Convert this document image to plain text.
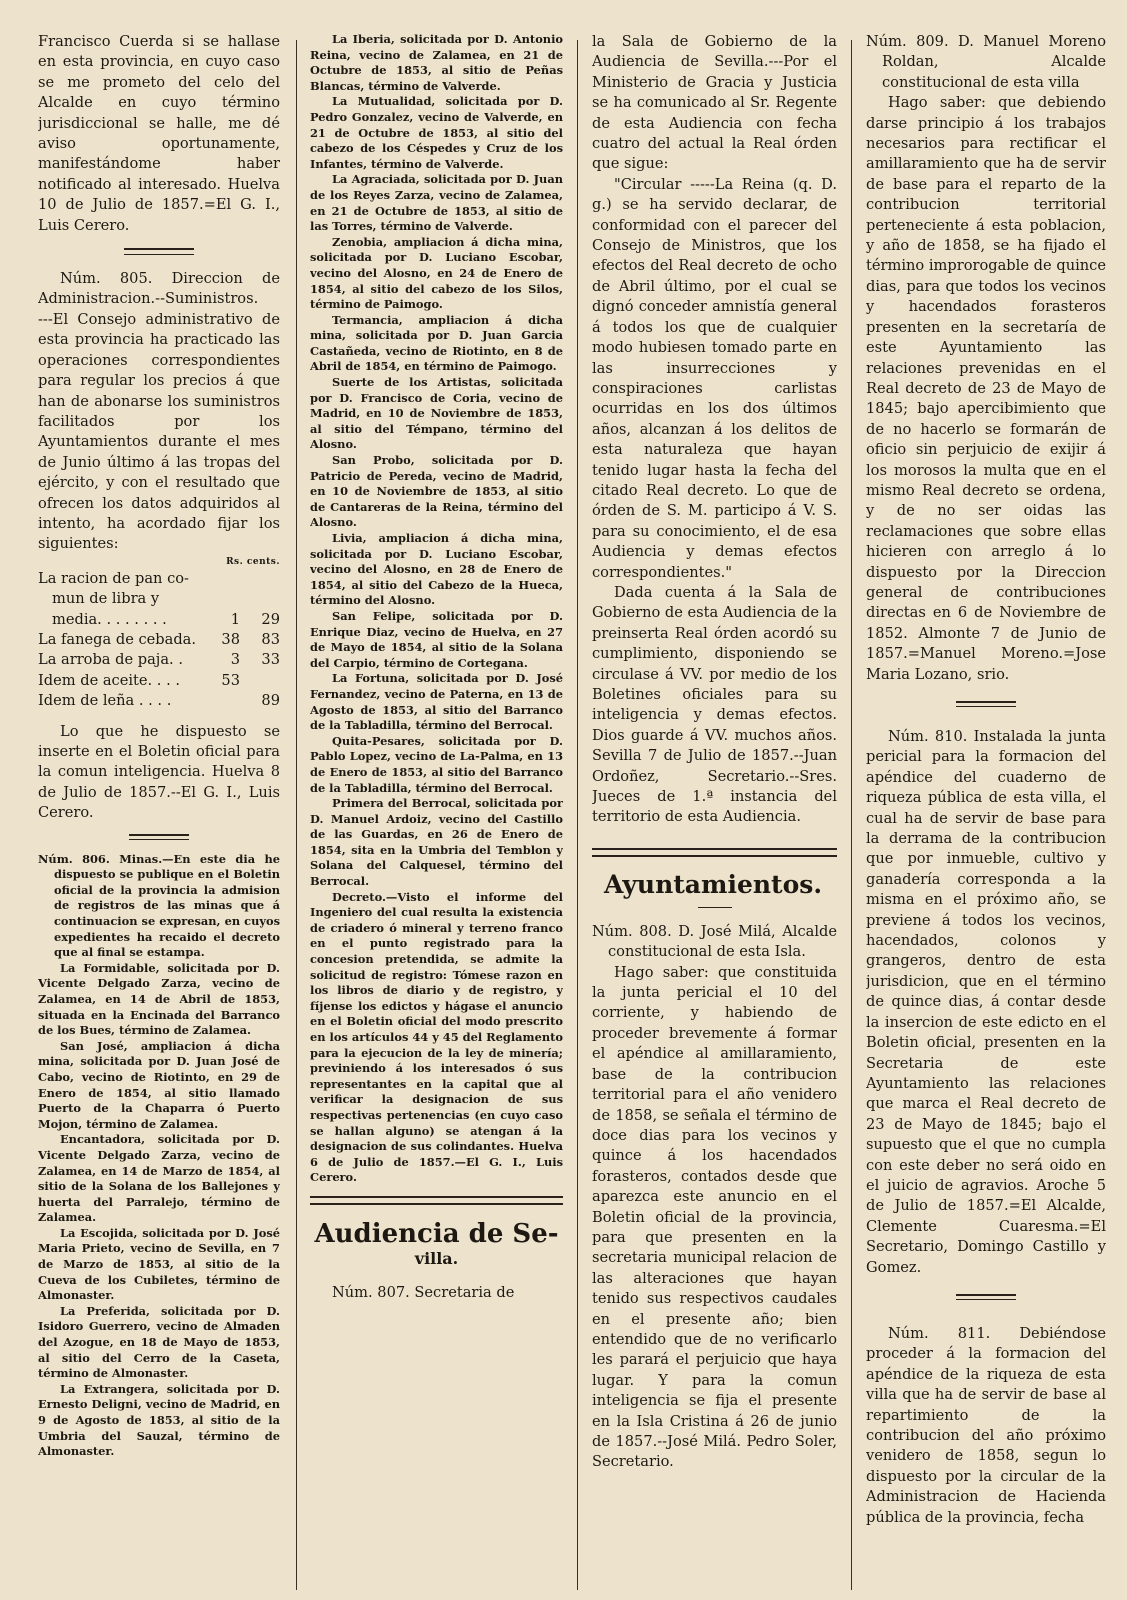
Francisco Cuerda si se hallase en esta provincia, en cuyo caso se me prometo del celo del Alcalde en cuyo término jurisdiccional se halle, me dé aviso oportunamente, manifestándome haber notificado al interesado. Huelva 10 de Julio de 1857.=El G. I., Luis Cerero.

Núm. 805. Direccion de Administracion.--Suministros.

---El Consejo administrativo de esta provincia ha practicado las operaciones correspondientes para regular los precios á que han de abonarse los suministros facilitados por los Ayuntamientos durante el mes de Junio último á las tropas del ejército, y con el resultado que ofrecen los datos adquiridos al intento, ha acordado fijar los siguientes:

Rs. cents.
La racion de pan co-		
mun de libra y		
media. . . . . . . .	1	29
La fanega de cebada.	38	83
La arroba de paja. .	3	33
Idem de aceite. . . .	53	
Idem de leña . . . .		89

Lo que he dispuesto se inserte en el Boletin oficial para la comun inteligencia. Huelva 8 de Julio de 1857.--El G. I., Luis Cerero.

Núm. 806. Minas.—En este dia he dispuesto se publique en el Boletin oficial de la provincia la admision de registros de las minas que á continuacion se expresan, en cuyos expedientes ha recaido el decreto que al final se estampa.

La Formidable, solicitada por D. Vicente Delgado Zarza, vecino de Zalamea, en 14 de Abril de 1853, situada en la Encinada del Barranco de los Bues, término de Zalamea.

San José, ampliacion á dicha mina, solicitada por D. Juan José de Cabo, vecino de Riotinto, en 29 de Enero de 1854, al sitio llamado Puerto de la Chaparra ó Puerto Mojon, término de Zalamea.

Encantadora, solicitada por D. Vicente Delgado Zarza, vecino de Zalamea, en 14 de Marzo de 1854, al sitio de la Solana de los Ballejones y huerta del Parralejo, término de Zalamea.

La Escojida, solicitada por D. José Maria Prieto, vecino de Sevilla, en 7 de Marzo de 1853, al sitio de la Cueva de los Cubiletes, término de Almonaster.

La Preferida, solicitada por D. Isidoro Guerrero, vecino de Almaden del Azogue, en 18 de Mayo de 1853, al sitio del Cerro de la Caseta, término de Almonaster.

La Extrangera, solicitada por D. Ernesto Deligni, vecino de Madrid, en 9 de Agosto de 1853, al sitio de la Umbria del Sauzal, término de Almonaster.

La Iberia, solicitada por D. Antonio Reina, vecino de Zalamea, en 21 de Octubre de 1853, al sitio de Peñas Blancas, término de Valverde.

La Mutualidad, solicitada por D. Pedro Gonzalez, vecino de Valverde, en 21 de Octubre de 1853, al sitio del cabezo de los Céspedes y Cruz de los Infantes, término de Valverde.

La Agraciada, solicitada por D. Juan de los Reyes Zarza, vecino de Zalamea, en 21 de Octubre de 1853, al sitio de las Torres, término de Valverde.

Zenobia, ampliacion á dicha mina, solicitada por D. Luciano Escobar, vecino del Alosno, en 24 de Enero de 1854, al sitio del cabezo de los Silos, término de Paimogo.

Termancia, ampliacion á dicha mina, solicitada por D. Juan Garcia Castañeda, vecino de Riotinto, en 8 de Abril de 1854, en término de Paimogo.

Suerte de los Artistas, solicitada por D. Francisco de Coria, vecino de Madrid, en 10 de Noviembre de 1853, al sitio del Témpano, término del Alosno.

San Probo, solicitada por D. Patricio de Pereda, vecino de Madrid, en 10 de Noviembre de 1853, al sitio de Cantareras de la Reina, término del Alosno.

Livia, ampliacion á dicha mina, solicitada por D. Luciano Escobar, vecino del Alosno, en 28 de Enero de 1854, al sitio del Cabezo de la Hueca, término del Alosno.

San Felipe, solicitada por D. Enrique Diaz, vecino de Huelva, en 27 de Mayo de 1854, al sitio de la Solana del Carpio, término de Cortegana.

La Fortuna, solicitada por D. José Fernandez, vecino de Paterna, en 13 de Agosto de 1853, al sitio del Barranco de la Tabladilla, término del Berrocal.

Quita-Pesares, solicitada por D. Pablo Lopez, vecino de La-Palma, en 13 de Enero de 1853, al sitio del Barranco de la Tabladilla, término del Berrocal.

Primera del Berrocal, solicitada por D. Manuel Ardoiz, vecino del Castillo de las Guardas, en 26 de Enero de 1854, sita en la Umbria del Temblon y Solana del Calquesel, término del Berrocal.

Decreto.—Visto el informe del Ingeniero del cual resulta la existencia de criadero ó mineral y terreno franco en el punto registrado para la concesion pretendida, se admite la solicitud de registro: Tómese razon en los libros de diario y de registro, y fíjense los edictos y hágase el anuncio en el Boletin oficial del modo prescrito en los artículos 44 y 45 del Reglamento para la ejecucion de la ley de minería; previniendo á los interesados ó sus representantes en la capital que al verificar la designacion de sus respectivas pertenencias (en cuyo caso se hallan alguno) se atengan á la designacion de sus colindantes. Huelva 6 de Julio de 1857.—El G. I., Luis Cerero.

Audiencia de Se-
villa.

Núm. 807. Secretaria de

la Sala de Gobierno de la Audiencia de Sevilla.---Por el Ministerio de Gracia y Justicia se ha comunicado al Sr. Regente de esta Audiencia con fecha cuatro del actual la Real órden que sigue:

"Circular -----La Reina (q. D. g.) se ha servido declarar, de conformidad con el parecer del Consejo de Ministros, que los efectos del Real decreto de ocho de Abril último, por el cual se dignó conceder amnistía general á todos los que de cualquier modo hubiesen tomado parte en las insurrecciones y conspiraciones carlistas ocurridas en los dos últimos años, alcanzan á los delitos de esta naturaleza que hayan tenido lugar hasta la fecha del citado Real decreto. Lo que de órden de S. M. participo á V. S. para su conocimiento, el de esa Audiencia y demas efectos correspondientes."

Dada cuenta á la Sala de Gobierno de esta Audiencia de la preinserta Real órden acordó su cumplimiento, disponiendo se circulase á VV. por medio de los Boletines oficiales para su inteligencia y demas efectos. Dios guarde á VV. muchos años. Sevilla 7 de Julio de 1857.--Juan Ordoñez, Secretario.--Sres. Jueces de 1.ª instancia del territorio de esta Audiencia.

Ayuntamientos.

Núm. 808. D. José Milá, Alcalde constitucional de esta Isla.

Hago saber: que constituida la junta pericial el 10 del corriente, y habiendo de proceder brevemente á formar el apéndice al amillaramiento, base de la contribucion territorial para el año venidero de 1858, se señala el término de doce dias para los vecinos y quince á los hacendados forasteros, contados desde que aparezca este anuncio en el Boletin oficial de la provincia, para que presenten en la secretaria municipal relacion de las alteraciones que hayan tenido sus respectivos caudales en el presente año; bien entendido que de no verificarlo les parará el perjuicio que haya lugar. Y para la comun inteligencia se fija el presente en la Isla Cristina á 26 de junio de 1857.--José Milá. Pedro Soler, Secretario.

Núm. 809. D. Manuel Moreno Roldan, Alcalde constitucional de esta villa

Hago saber: que debiendo darse principio á los trabajos necesarios para rectificar el amillaramiento que ha de servir de base para el reparto de la contribucion territorial perteneciente á esta poblacion, y año de 1858, se ha fijado el término improrogable de quince dias, para que todos los vecinos y hacendados forasteros presenten en la secretaría de este Ayuntamiento las relaciones prevenidas en el Real decreto de 23 de Mayo de 1845; bajo apercibimiento que de no hacerlo se formarán de oficio sin perjuicio de exijir á los morosos la multa que en el mismo Real decreto se ordena, y de no ser oidas las reclamaciones que sobre ellas hicieren con arreglo á lo dispuesto por la Direccion general de contribuciones directas en 6 de Noviembre de 1852. Almonte 7 de Junio de 1857.=Manuel Moreno.=Jose Maria Lozano, srio.

Núm. 810. Instalada la junta pericial para la formacion del apéndice del cuaderno de riqueza pública de esta villa, el cual ha de servir de base para la derrama de la contribucion que por inmueble, cultivo y ganadería corresponda a la misma en el próximo año, se previene á todos los vecinos, hacendados, colonos y grangeros, dentro de esta jurisdicion, que en el término de quince dias, á contar desde la insercion de este edicto en el Boletin oficial, presenten en la Secretaria de este Ayuntamiento las relaciones que marca el Real decreto de 23 de Mayo de 1845; bajo el supuesto que el que no cumpla con este deber no será oido en el juicio de agravios. Aroche 5 de Julio de 1857.=El Alcalde, Clemente Cuaresma.=El Secretario, Domingo Castillo y Gomez.

Núm. 811. Debiéndose proceder á la formacion del apéndice de la riqueza de esta villa que ha de servir de base al repartimiento de la contribucion del año próximo venidero de 1858, segun lo dispuesto por la circular de la Administracion de Hacienda pública de la provincia, fecha
